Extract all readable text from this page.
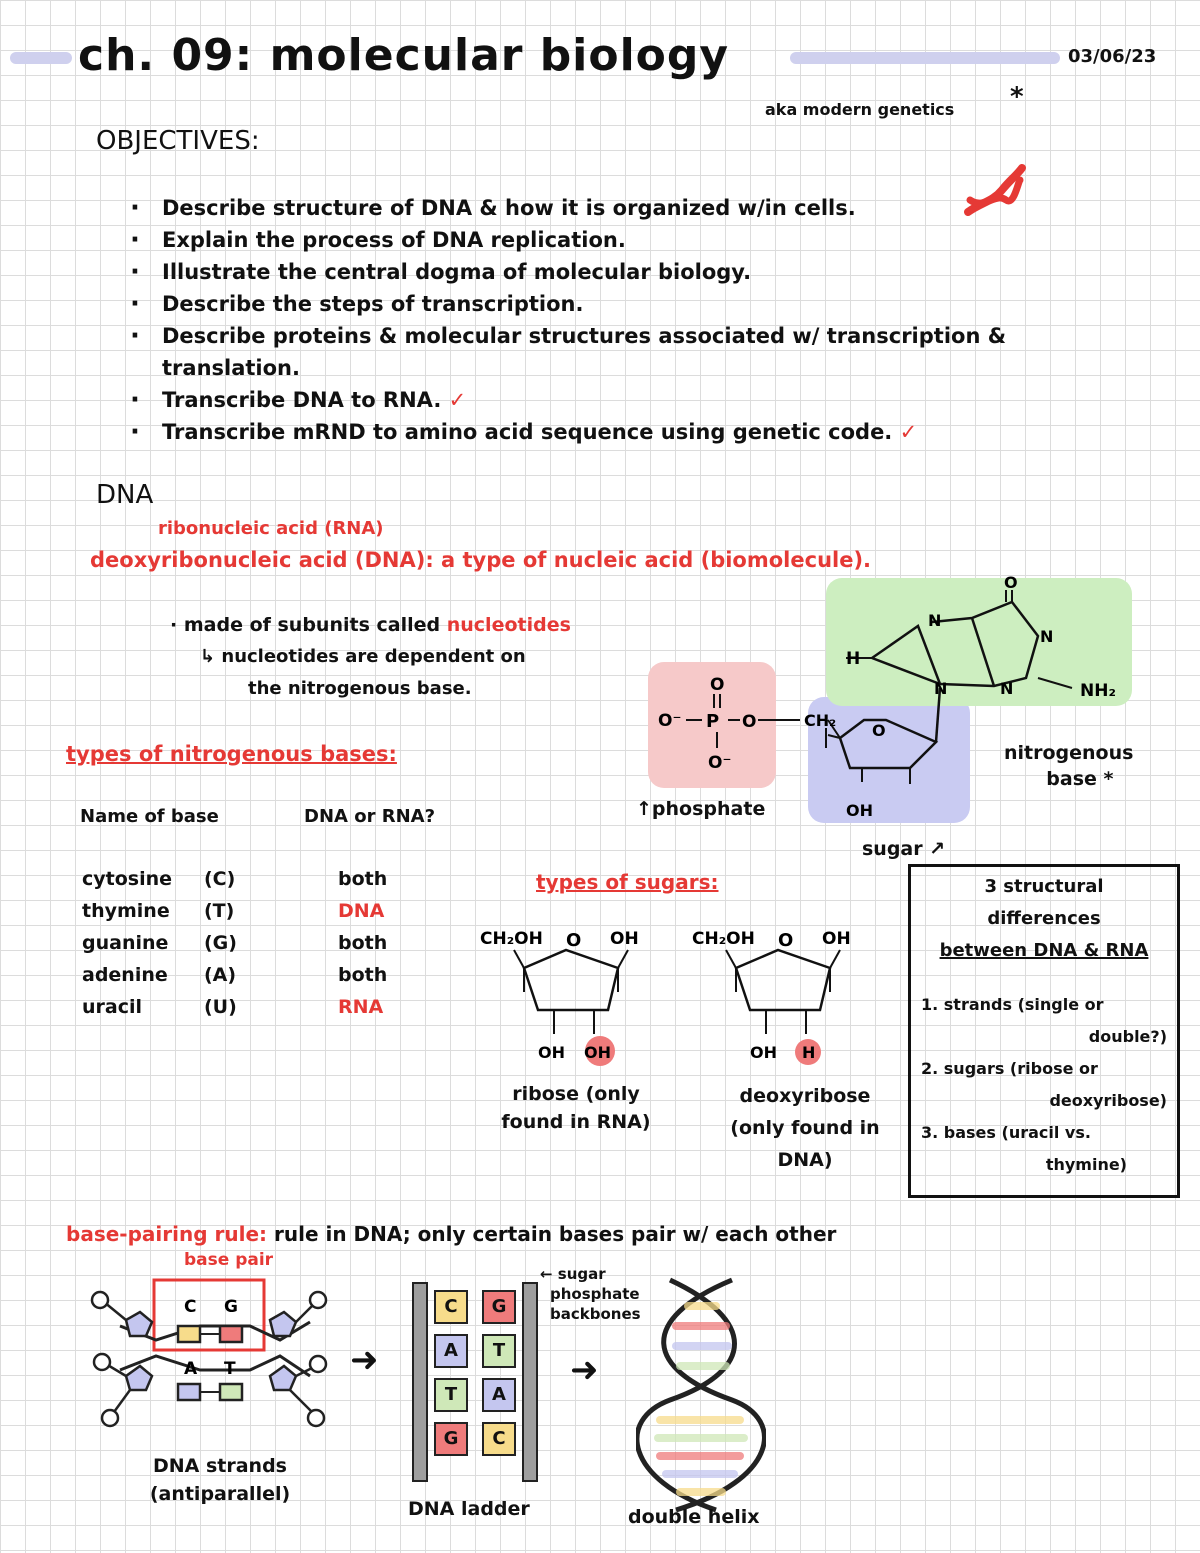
ch. 09: molecular biology	03/06/23
aka modern genetics *
OBJECTIVES:
· Describe structure of DNA & how it is organized w/in cells.
· Explain the process of DNA replication.
· Illustrate the central dogma of molecular biology.
· Describe the steps of transcription.
· Describe proteins & molecular structures associated w/ transcription & translation.
· Transcribe DNA to RNA. ✓
· Transcribe mRND to amino acid sequence using genetic code. ✓
DNA
ribonucleic acid (RNA)
deoxyribonucleic acid (DNA): a type of nucleic acid (biomolecule).
· made of subunits called nucleotides
↳ nucleotides are dependent on
the nitrogenous base.	O
O⁻ P O	CH₂
O⁻
O
OH
H
N
N
N
N
O
NH₂
↑phosphate
sugar ↗
nitrogenous
base *
types of nitrogenous bases:
Name of base	DNA or RNA?
cytosine (C)	both
thymine (T)	DNA
guanine (G)	both
adenine (A)	both
uracil	(U)	RNA
types of sugars:
CH₂OH O OH
OH OH
ribose (only
found in RNA)
CH₂OH O OH
OH H
deoxyribose
(only found in
DNA)
3 structural
differences
between DNA & RNA
1. strands (single or
double?)
2. sugars (ribose or
deoxyribose)
3. bases (uracil vs.
thymine)
base-pairing rule: rule in DNA; only certain bases pair w/ each other
base pair
C G
A T
DNA strands
(antiparallel)
➜
C	G
A	T
T	A
G	C
← sugar
phosphate
backbones
DNA ladder
➜
double helix
